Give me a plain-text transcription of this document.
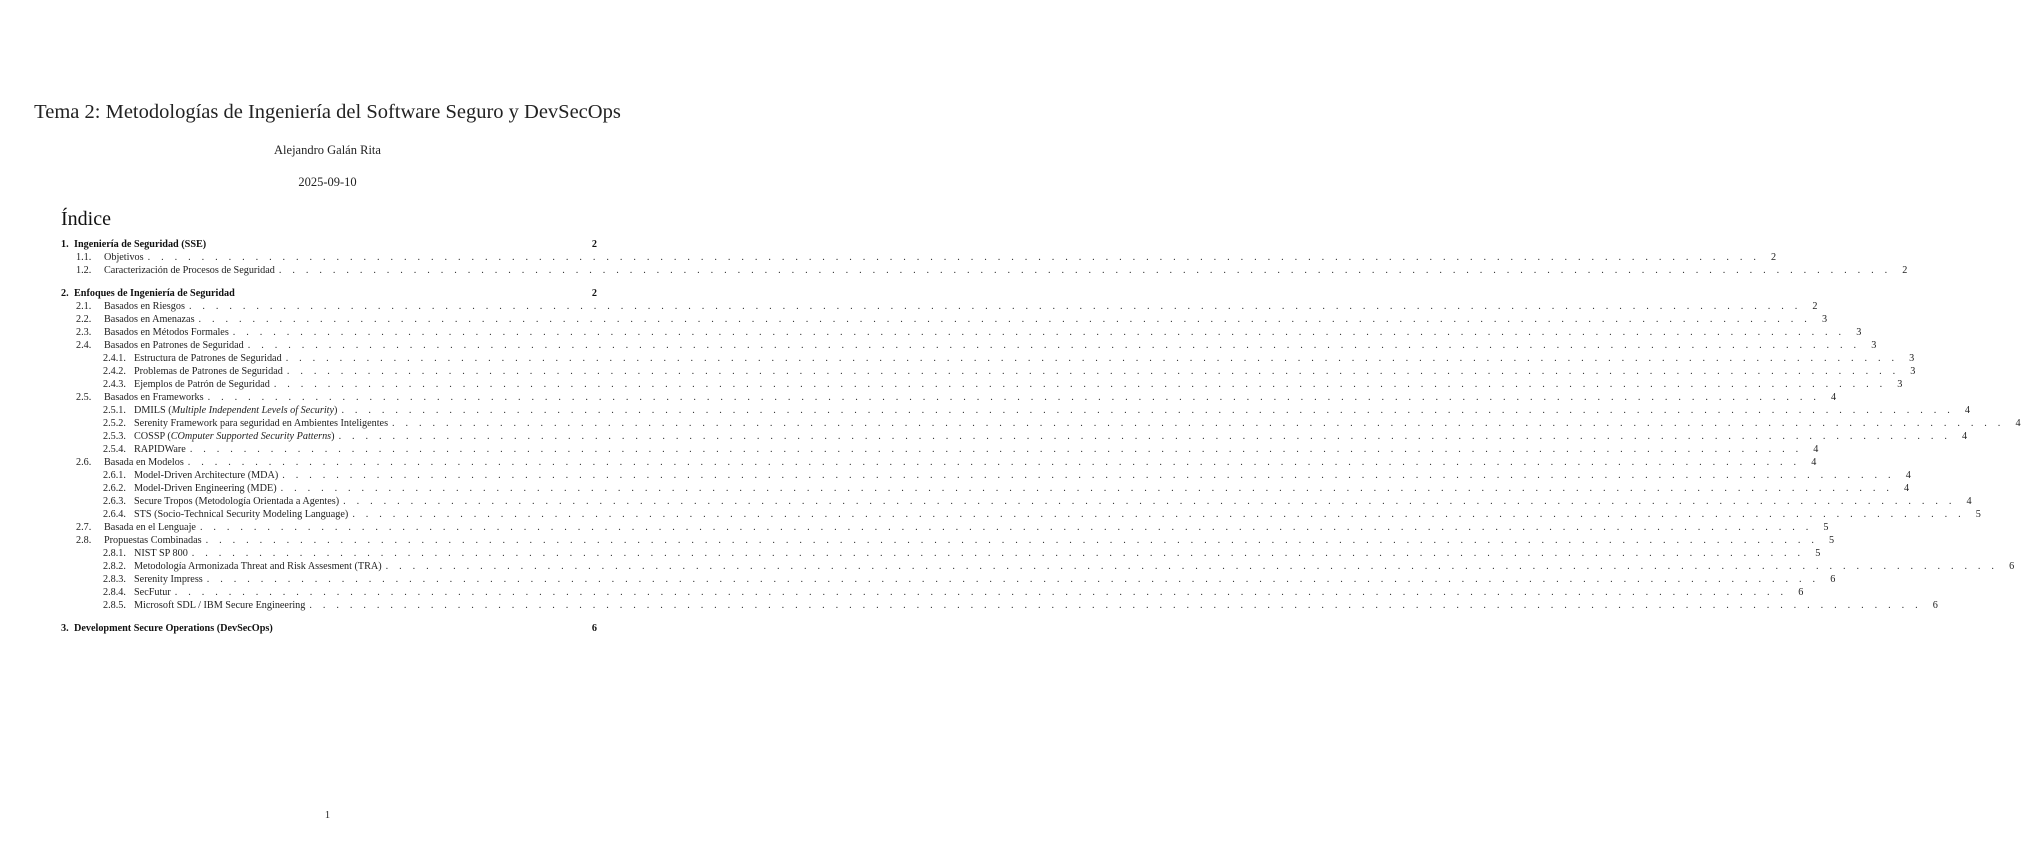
Tema 2: Metodologías de Ingeniería del Software Seguro y DevSecOps
Alejandro Galán Rita
2025-09-10
Índice
1. Ingeniería de Seguridad (SSE)	2
1.1.	Objetivos . . . . . . . . . . . . . . . . . . . . . . . . . . . . . . . . . . . . . . . . . . . . . . . . . . . . . . . . . . . . . . . . . . . . . . . . . . . . . . . . . . . . . . . . . . . . . . . . . . . . . . . . . . . . . . . . . . . . . . . .	2
1.2.	Caracterización de Procesos de Seguridad . . . . . . . . . . . . . . . . . . . . . . . . . . . . . . . . . . . . . . . . . . . . . . . . . . . . . . . . . . . . . . . . . . . . . . . . . . . . . . . . . . . . . . . . . . . . . . . . . . . . . . . . . . . . . . . . . . . . . . . .	2
2. Enfoques de Ingeniería de Seguridad	2
2.1.	Basados en Riesgos . . . . . . . . . . . . . . . . . . . . . . . . . . . . . . . . . . . . . . . . . . . . . . . . . . . . . . . . . . . . . . . . . . . . . . . . . . . . . . . . . . . . . . . . . . . . . . . . . . . . . . . . . . . . . . . . . . . . . . . .	2
2.2.	Basados en Amenazas . . . . . . . . . . . . . . . . . . . . . . . . . . . . . . . . . . . . . . . . . . . . . . . . . . . . . . . . . . . . . . . . . . . . . . . . . . . . . . . . . . . . . . . . . . . . . . . . . . . . . . . . . . . . . . . . . . . . . . . .	3
2.3.	Basados en Métodos Formales . . . . . . . . . . . . . . . . . . . . . . . . . . . . . . . . . . . . . . . . . . . . . . . . . . . . . . . . . . . . . . . . . . . . . . . . . . . . . . . . . . . . . . . . . . . . . . . . . . . . . . . . . . . . . . . . . . . . . . . .	3
2.4.	Basados en Patrones de Seguridad . . . . . . . . . . . . . . . . . . . . . . . . . . . . . . . . . . . . . . . . . . . . . . . . . . . . . . . . . . . . . . . . . . . . . . . . . . . . . . . . . . . . . . . . . . . . . . . . . . . . . . . . . . . . . . . . . . . . . . . .	3
2.4.1. Estructura de Patrones de Seguridad . . . . . . . . . . . . . . . . . . . . . . . . . . . . . . . . . . . . . . . . . . . . . . . . . . . . . . . . . . . . . . . . . . . . . . . . . . . . . . . . . . . . . . . . . . . . . . . . . . . . . . . . . . . . . . . . . . . . . . . .	3
2.4.2. Problemas de Patrones de Seguridad . . . . . . . . . . . . . . . . . . . . . . . . . . . . . . . . . . . . . . . . . . . . . . . . . . . . . . . . . . . . . . . . . . . . . . . . . . . . . . . . . . . . . . . . . . . . . . . . . . . . . . . . . . . . . . . . . . . . . . . .	3
2.4.3. Ejemplos de Patrón de Seguridad . . . . . . . . . . . . . . . . . . . . . . . . . . . . . . . . . . . . . . . . . . . . . . . . . . . . . . . . . . . . . . . . . . . . . . . . . . . . . . . . . . . . . . . . . . . . . . . . . . . . . . . . . . . . . . . . . . . . . . . .	3
2.5.	Basados en Frameworks . . . . . . . . . . . . . . . . . . . . . . . . . . . . . . . . . . . . . . . . . . . . . . . . . . . . . . . . . . . . . . . . . . . . . . . . . . . . . . . . . . . . . . . . . . . . . . . . . . . . . . . . . . . . . . . . . . . . . . . .	4
2.5.1. DMILS (Multiple Independent Levels of Security) . . . . . . . . . . . . . . . . . . . . . . . . . . . . . . . . . . . . . . . . . . . . . . . . . . . . . . . . . . . . . . . . . . . . . . . . . . . . . . . . . . . . . . . . . . . . . . . . . . . . . . . . . . . . . . . . . . . . . . . .	4
2.5.2. Serenity Framework para seguridad en Ambientes Inteligentes . . . . . . . . . . . . . . . . . . . . . . . . . . . . . . . . . . . . . . . . . . . . . . . . . . . . . . . . . . . . . . . . . . . . . . . . . . . . . . . . . . . . . . . . . . . . . . . . . . . . . . . . . . . . . . . . . . . . . . . .	4
2.5.3. COSSP (COmputer Supported Security Patterns) . . . . . . . . . . . . . . . . . . . . . . . . . . . . . . . . . . . . . . . . . . . . . . . . . . . . . . . . . . . . . . . . . . . . . . . . . . . . . . . . . . . . . . . . . . . . . . . . . . . . . . . . . . . . . . . . . . . . . . . .	4
2.5.4. RAPIDWare . . . . . . . . . . . . . . . . . . . . . . . . . . . . . . . . . . . . . . . . . . . . . . . . . . . . . . . . . . . . . . . . . . . . . . . . . . . . . . . . . . . . . . . . . . . . . . . . . . . . . . . . . . . . . . . . . . . . . . . .	4
2.6.	Basada en Modelos . . . . . . . . . . . . . . . . . . . . . . . . . . . . . . . . . . . . . . . . . . . . . . . . . . . . . . . . . . . . . . . . . . . . . . . . . . . . . . . . . . . . . . . . . . . . . . . . . . . . . . . . . . . . . . . . . . . . . . . .	4
2.6.1. Model-Driven Architecture (MDA) . . . . . . . . . . . . . . . . . . . . . . . . . . . . . . . . . . . . . . . . . . . . . . . . . . . . . . . . . . . . . . . . . . . . . . . . . . . . . . . . . . . . . . . . . . . . . . . . . . . . . . . . . . . . . . . . . . . . . . . .	4
2.6.2. Model-Driven Engineering (MDE) . . . . . . . . . . . . . . . . . . . . . . . . . . . . . . . . . . . . . . . . . . . . . . . . . . . . . . . . . . . . . . . . . . . . . . . . . . . . . . . . . . . . . . . . . . . . . . . . . . . . . . . . . . . . . . . . . . . . . . . .	4
2.6.3. Secure Tropos (Metodología Orientada a Agentes) . . . . . . . . . . . . . . . . . . . . . . . . . . . . . . . . . . . . . . . . . . . . . . . . . . . . . . . . . . . . . . . . . . . . . . . . . . . . . . . . . . . . . . . . . . . . . . . . . . . . . . . . . . . . . . . . . . . . . . . .	4
2.6.4. STS (Socio-Technical Security Modeling Language) . . . . . . . . . . . . . . . . . . . . . . . . . . . . . . . . . . . . . . . . . . . . . . . . . . . . . . . . . . . . . . . . . . . . . . . . . . . . . . . . . . . . . . . . . . . . . . . . . . . . . . . . . . . . . . . . . . . . . . . .	5
2.7.	Basada en el Lenguaje . . . . . . . . . . . . . . . . . . . . . . . . . . . . . . . . . . . . . . . . . . . . . . . . . . . . . . . . . . . . . . . . . . . . . . . . . . . . . . . . . . . . . . . . . . . . . . . . . . . . . . . . . . . . . . . . . . . . . . . .	5
2.8.	Propuestas Combinadas . . . . . . . . . . . . . . . . . . . . . . . . . . . . . . . . . . . . . . . . . . . . . . . . . . . . . . . . . . . . . . . . . . . . . . . . . . . . . . . . . . . . . . . . . . . . . . . . . . . . . . . . . . . . . . . . . . . . . . . .	5
2.8.1. NIST SP 800 . . . . . . . . . . . . . . . . . . . . . . . . . . . . . . . . . . . . . . . . . . . . . . . . . . . . . . . . . . . . . . . . . . . . . . . . . . . . . . . . . . . . . . . . . . . . . . . . . . . . . . . . . . . . . . . . . . . . . . . .	5
2.8.2. Metodología Armonizada Threat and Risk Assesment (TRA) . . . . . . . . . . . . . . . . . . . . . . . . . . . . . . . . . . . . . . . . . . . . . . . . . . . . . . . . . . . . . . . . . . . . . . . . . . . . . . . . . . . . . . . . . . . . . . . . . . . . . . . . . . . . . . . . . . . . . . . .	6
2.8.3. Serenity Impress . . . . . . . . . . . . . . . . . . . . . . . . . . . . . . . . . . . . . . . . . . . . . . . . . . . . . . . . . . . . . . . . . . . . . . . . . . . . . . . . . . . . . . . . . . . . . . . . . . . . . . . . . . . . . . . . . . . . . . . .	6
2.8.4. SecFutur . . . . . . . . . . . . . . . . . . . . . . . . . . . . . . . . . . . . . . . . . . . . . . . . . . . . . . . . . . . . . . . . . . . . . . . . . . . . . . . . . . . . . . . . . . . . . . . . . . . . . . . . . . . . . . . . . . . . . . . .	6
2.8.5. Microsoft SDL / IBM Secure Engineering . . . . . . . . . . . . . . . . . . . . . . . . . . . . . . . . . . . . . . . . . . . . . . . . . . . . . . . . . . . . . . . . . . . . . . . . . . . . . . . . . . . . . . . . . . . . . . . . . . . . . . . . . . . . . . . . . . . . . . . .	6
3. Development Secure Operations (DevSecOps)	6
1
